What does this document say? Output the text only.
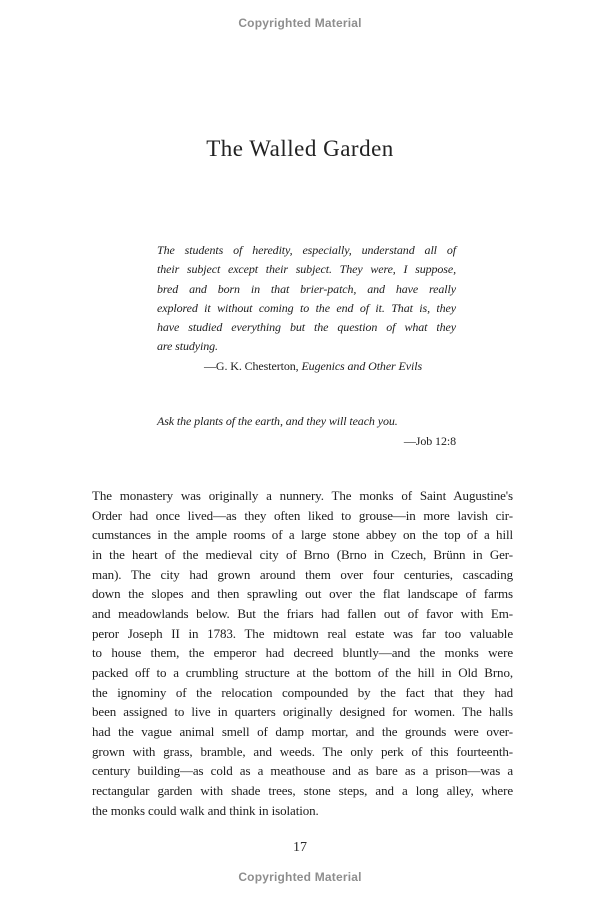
Copyrighted Material
The Walled Garden
The students of heredity, especially, understand all of
their subject except their subject. They were, I suppose,
bred and born in that brier-patch, and have really
explored it without coming to the end of it. That is, they
have studied everything but the question of what they
are studying.
—G. K. Chesterton, Eugenics and Other Evils
Ask the plants of the earth, and they will teach you.
—Job 12:8
The monastery was originally a nunnery. The monks of Saint Augustine's
Order had once lived—as they often liked to grouse—in more lavish cir-
cumstances in the ample rooms of a large stone abbey on the top of a hill
in the heart of the medieval city of Brno (Brno in Czech, Brünn in Ger-
man). The city had grown around them over four centuries, cascading
down the slopes and then sprawling out over the flat landscape of farms
and meadowlands below. But the friars had fallen out of favor with Em-
peror Joseph II in 1783. The midtown real estate was far too valuable
to house them, the emperor had decreed bluntly—and the monks were
packed off to a crumbling structure at the bottom of the hill in Old Brno,
the ignominy of the relocation compounded by the fact that they had
been assigned to live in quarters originally designed for women. The halls
had the vague animal smell of damp mortar, and the grounds were over-
grown with grass, bramble, and weeds. The only perk of this fourteenth-
century building—as cold as a meathouse and as bare as a prison—was a
rectangular garden with shade trees, stone steps, and a long alley, where
the monks could walk and think in isolation.
17
Copyrighted Material
